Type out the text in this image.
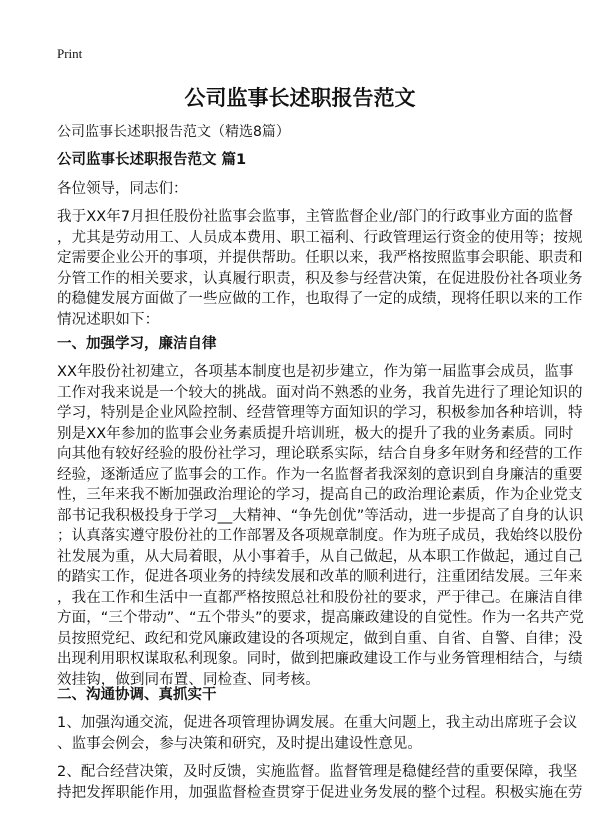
Print
公司监事长述职报告范文
公司监事长述职报告范文（精选8篇）
公司监事长述职报告范文 篇1
各位领导，同志们：
我于XX年7月担任股份社监事会监事，主管监督企业/部门的行政事业方面的监督
，尤其是劳动用工、人员成本费用、职工福利、行政管理运行资金的使用等；按规
定需要企业公开的事项，并提供帮助。任职以来，我严格按照监事会职能、职责和
分管工作的相关要求，认真履行职责，积及参与经营决策，在促进股份社各项业务
的稳健发展方面做了一些应做的工作，也取得了一定的成绩，现将任职以来的工作
情况述职如下：
一、加强学习，廉洁自律
XX年股份社初建立，各项基本制度也是初步建立，作为第一届监事会成员，监事
工作对我来说是一个较大的挑战。面对尚不熟悉的业务，我首先进行了理论知识的
学习，特别是企业风险控制、经营管理等方面知识的学习，积极参加各种培训，特
别是XX年参加的监事会业务素质提升培训班，极大的提升了我的业务素质。同时
向其他有较好经验的股份社学习，理论联系实际，结合自身多年财务和经营的工作
经验，逐渐适应了监事会的工作。作为一名监督者我深刻的意识到自身廉洁的重要
性，三年来我不断加强政治理论的学习，提高自己的政治理论素质，作为企业党支
部书记我积极投身于学习__大精神、“争先创优”等活动，进一步提高了自身的认识
；认真落实遵守股份社的工作部署及各项规章制度。作为班子成员，我始终以股份
社发展为重，从大局着眼，从小事着手，从自己做起，从本职工作做起，通过自己
的踏实工作，促进各项业务的持续发展和改革的顺利进行，注重团结发展。三年来
，我在工作和生活中一直都严格按照总社和股份社的要求，严于律己。在廉洁自律
方面，“三个带动”、“五个带头”的要求，提高廉政建设的自觉性。作为一名共产党
员按照党纪、政纪和党风廉政建设的各项规定，做到自重、自省、自警、自律；没
出现利用职权谋取私利现象。同时，做到把廉政建设工作与业务管理相结合，与绩
效挂钩，做到同布置、同检查、同考核。
二、沟通协调、真抓实干
1、加强沟通交流，促进各项管理协调发展。在重大问题上，我主动出席班子会议
、监事会例会，参与决策和研究，及时提出建设性意见。
2、配合经营决策，及时反馈，实施监督。监督管理是稳健经营的重要保障，我坚
持把发挥职能作用，加强监督检查贯穿于促进业务发展的整个过程。积极实施在劳
